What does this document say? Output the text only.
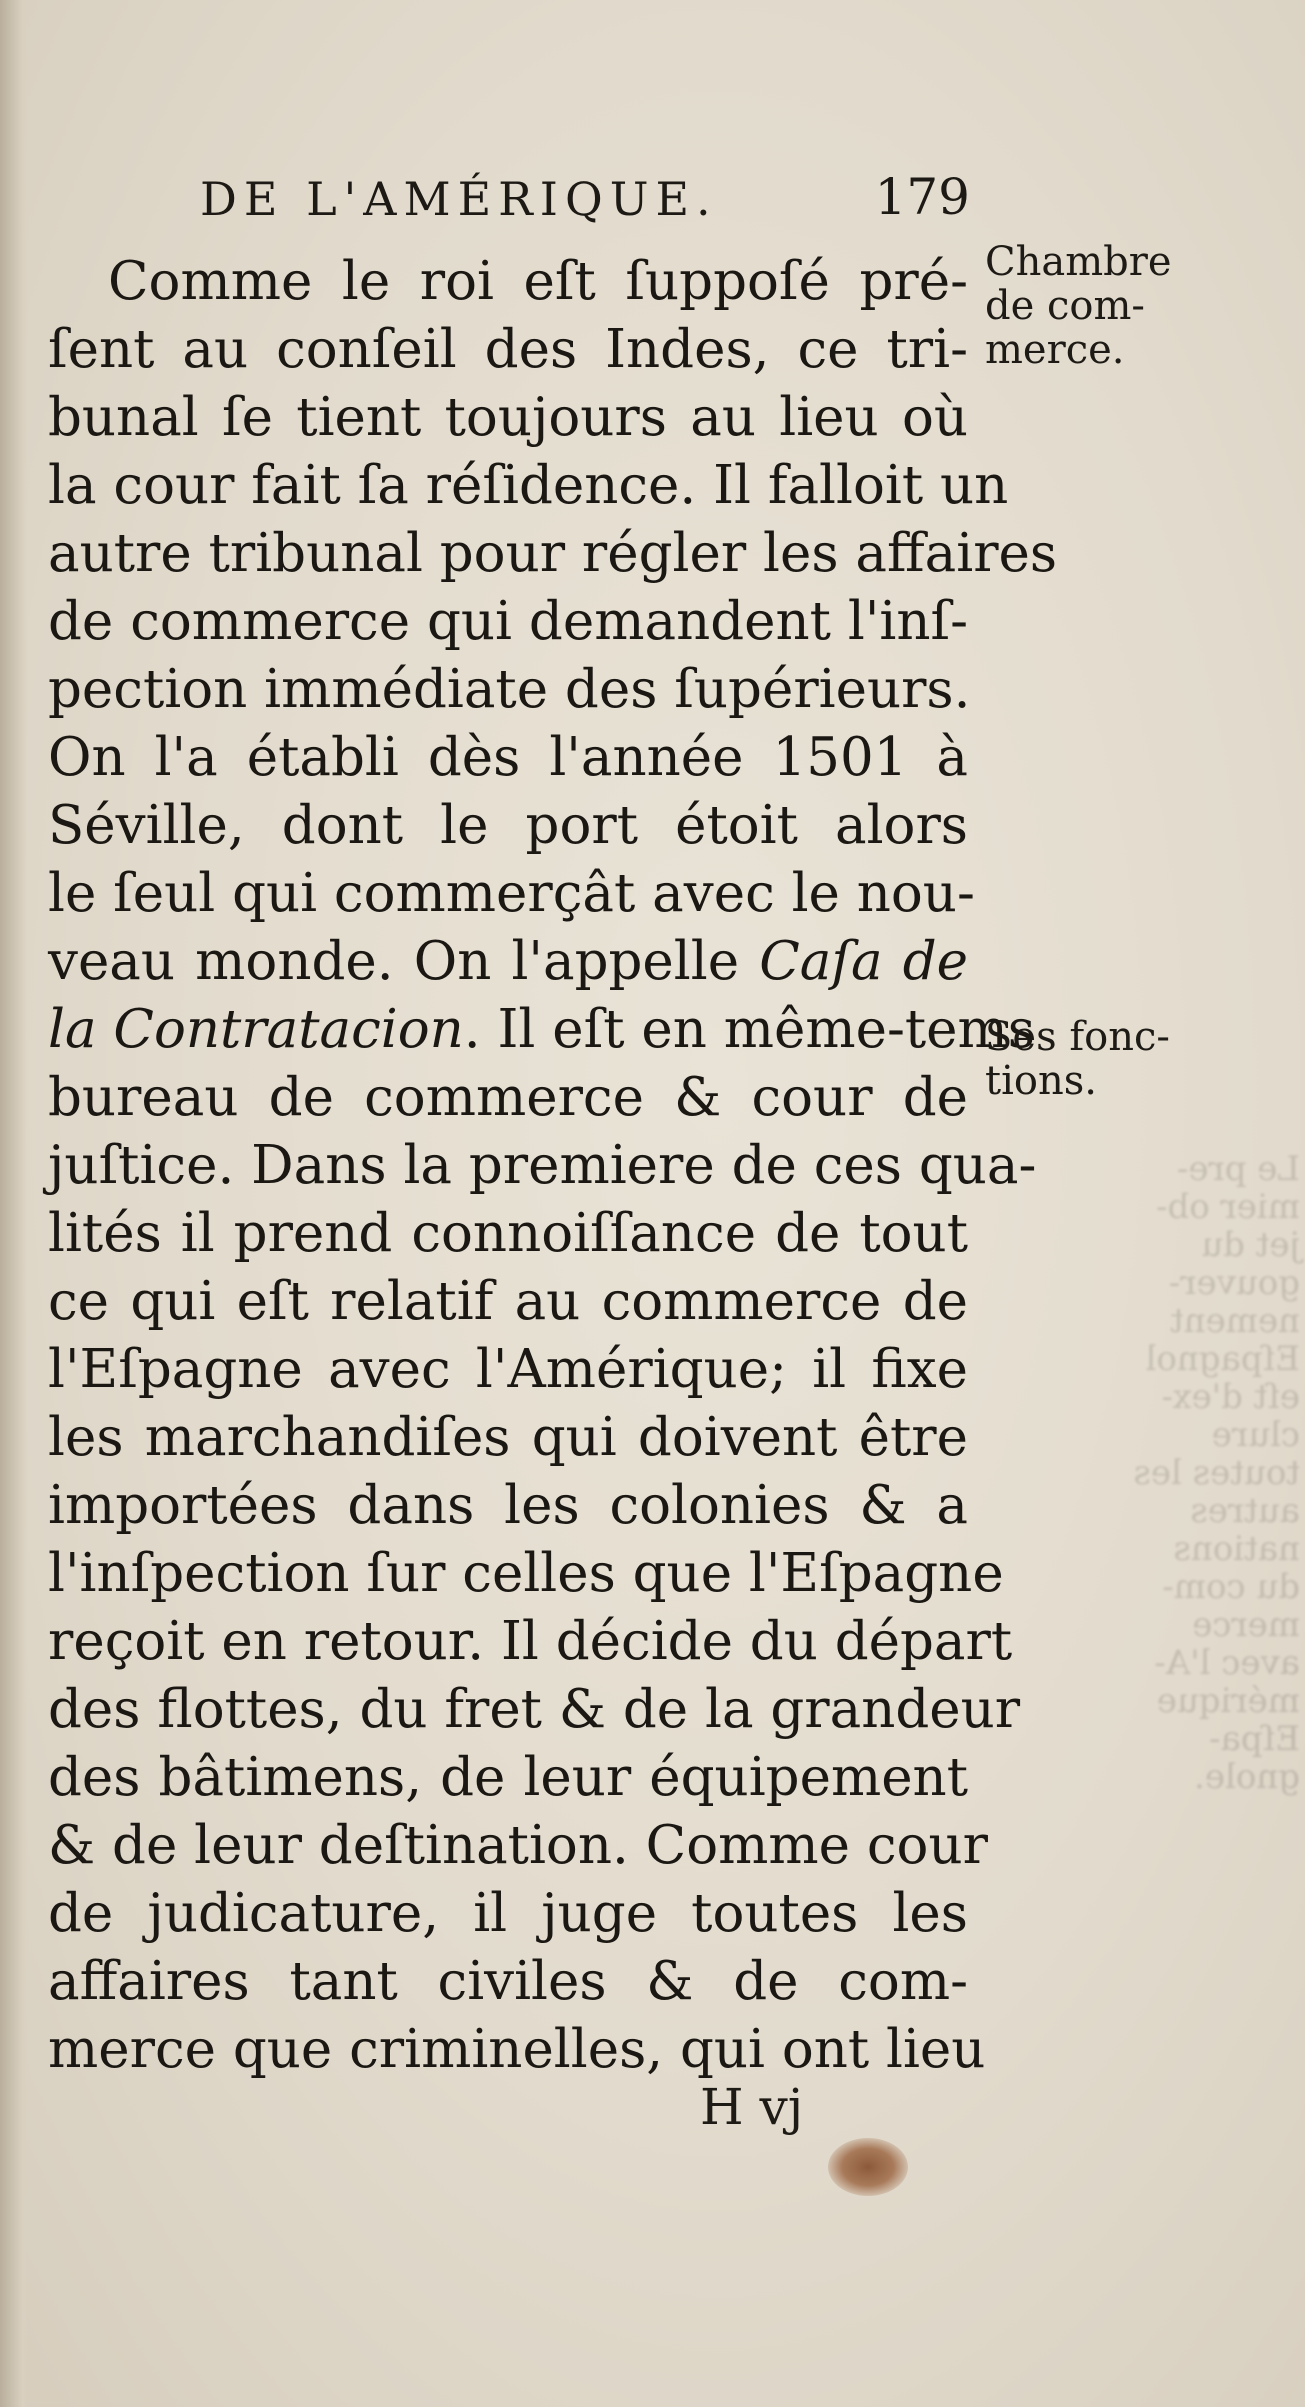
DE L'AMÉRIQUE.	179
Comme le roi eſt ſuppoſé pré-
ſent au conſeil des Indes, ce tri-
bunal ſe tient toujours au lieu où
la cour fait ſa réſidence. Il falloit un
autre tribunal pour régler les affaires
de commerce qui demandent l'inſ-
pection immédiate des ſupérieurs.
On l'a établi dès l'année 1501 à
Séville, dont le port étoit alors
le ſeul qui commerçât avec le nou-
veau monde. On l'appelle Caſa de
la Contratacion. Il eſt en même-tems
bureau de commerce & cour de
juſtice. Dans la premiere de ces qua-
lités il prend connoiſſance de tout
ce qui eſt relatif au commerce de
l'Eſpagne avec l'Amérique; il fixe
les marchandiſes qui doivent être
importées dans les colonies & a
l'inſpection ſur celles que l'Eſpagne
reçoit en retour. Il décide du départ
des flottes, du fret & de la grandeur
des bâtimens, de leur équipement
& de leur deſtination. Comme cour
de judicature, il juge toutes les
affaires tant civiles & de com-
merce que criminelles, qui ont lieu
Chambre
de com-
merce.
Ses fonc-
tions.
Le pre-
mier ob-
jet du
gouver-
nement
Eſpagnol
eſt d'ex-
clure
toutes les
autres
nations
du com-
merce
avec l'A-
mérique
Eſpa-
gnole.
H vj
